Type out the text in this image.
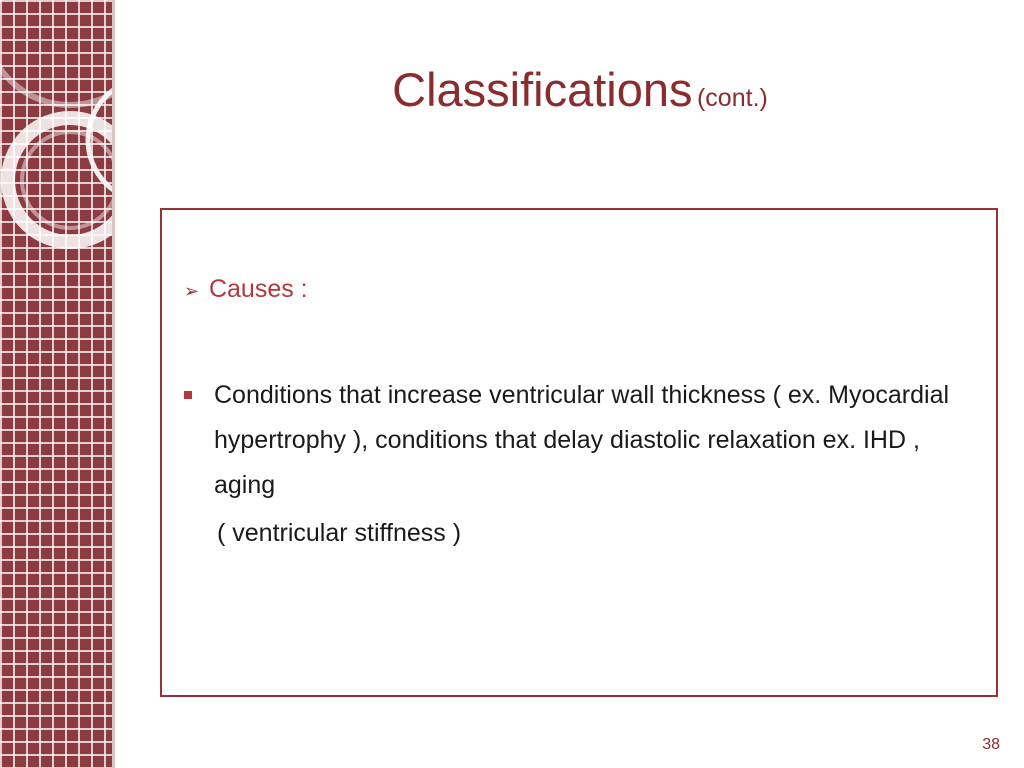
Classifications (cont.)
➢ Causes :
Conditions that increase ventricular wall thickness ( ex. Myocardial hypertrophy ), conditions that delay diastolic relaxation ex. IHD , aging
( ventricular stiffness )
38
